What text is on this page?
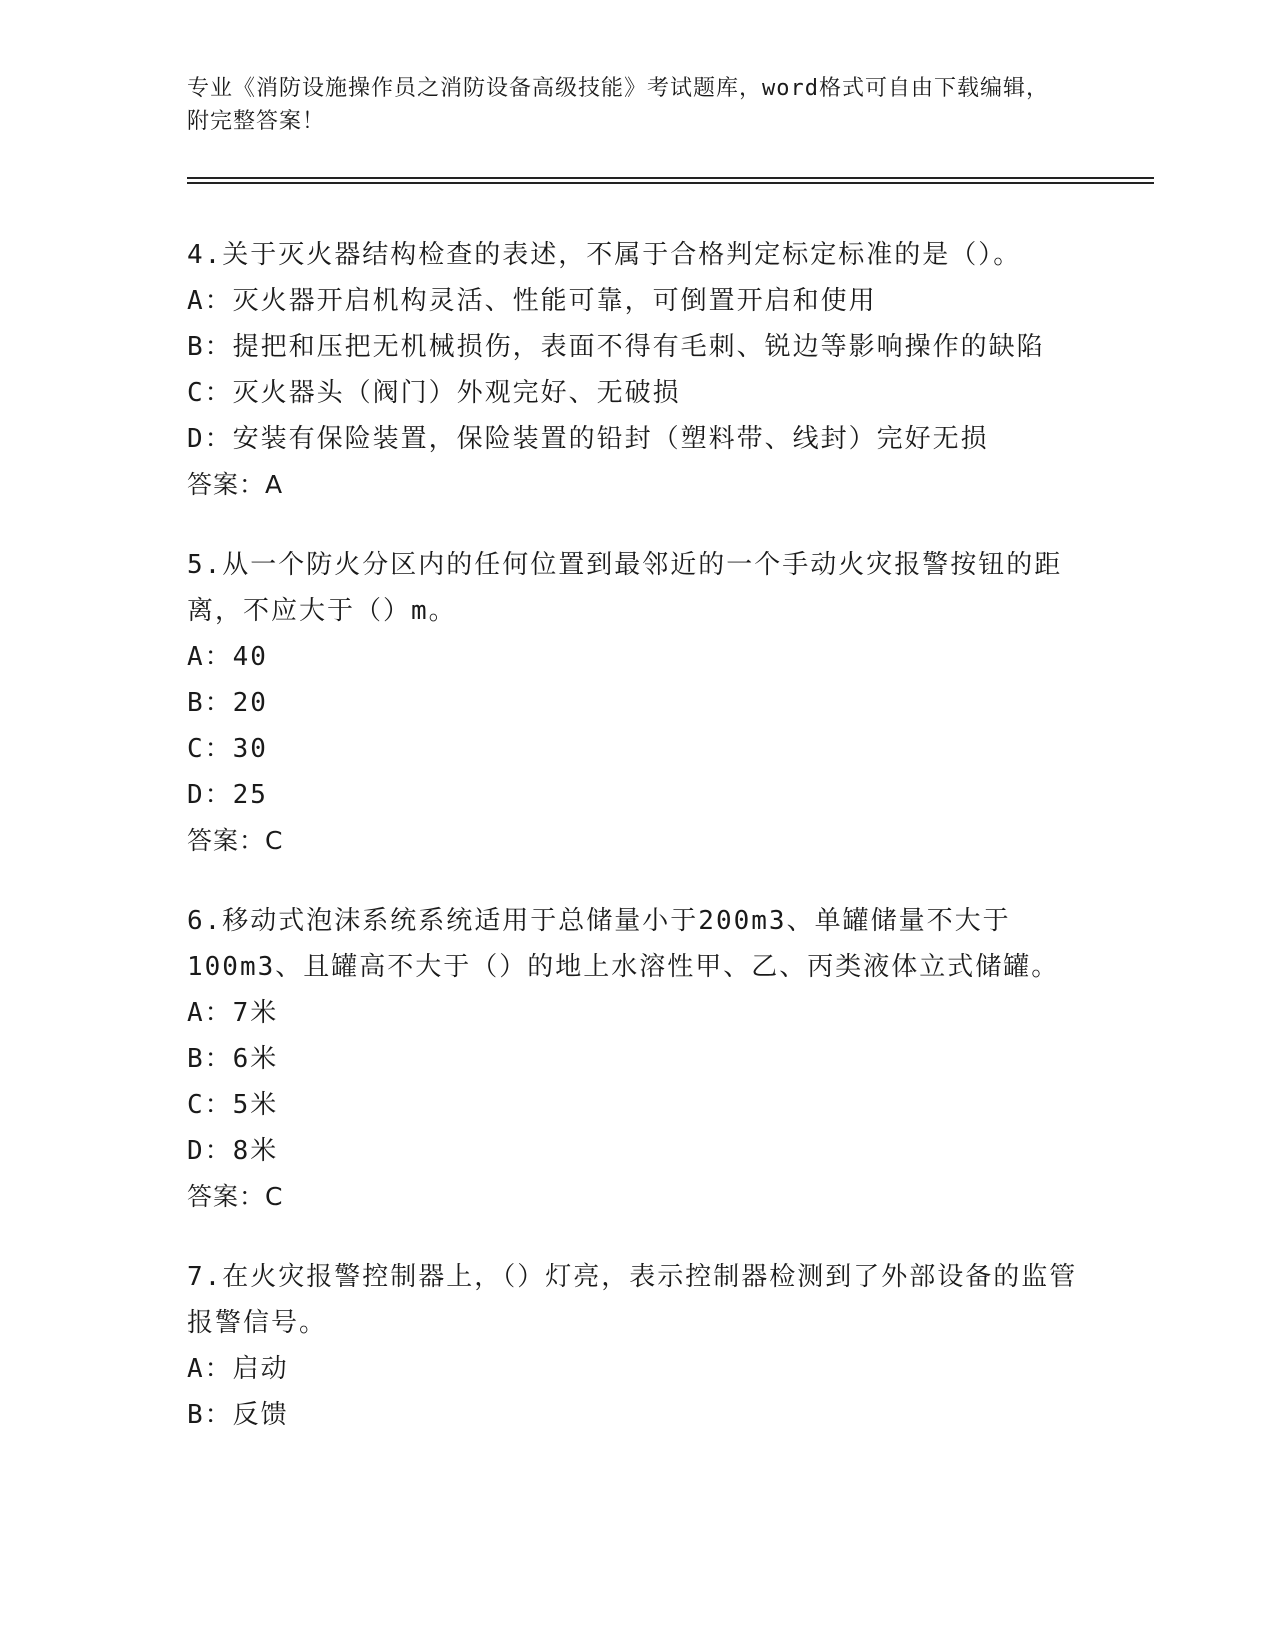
专业《消防设施操作员之消防设备高级技能》考试题库，word格式可自由下载编辑，附完整答案！
4.关于灭火器结构检查的表述，不属于合格判定标定标准的是（）。
A：灭火器开启机构灵活、性能可靠，可倒置开启和使用
B：提把和压把无机械损伤，表面不得有毛刺、锐边等影响操作的缺陷
C：灭火器头（阀门）外观完好、无破损
D：安装有保险装置，保险装置的铅封（塑料带、线封）完好无损
答案：A
5.从一个防火分区内的任何位置到最邻近的一个手动火灾报警按钮的距离，不应大于（）m。
A：40
B：20
C：30
D：25
答案：C
6.移动式泡沫系统系统适用于总储量小于200m3、单罐储量不大于100m3、且罐高不大于（）的地上水溶性甲、乙、丙类液体立式储罐。
A：7米
B：6米
C：5米
D：8米
答案：C
7.在火灾报警控制器上，（）灯亮，表示控制器检测到了外部设备的监管报警信号。
A：启动
B：反馈
